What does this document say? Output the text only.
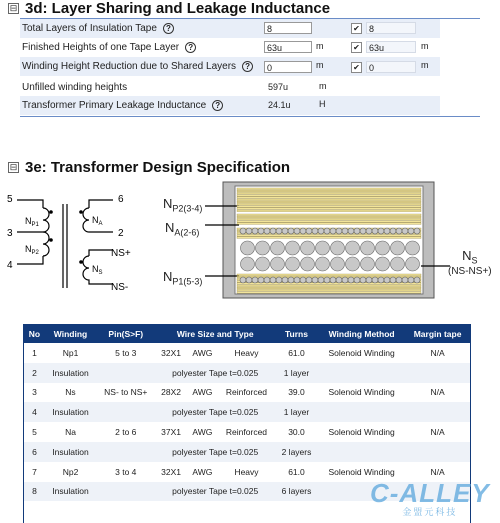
⊟ 3d: Layer Sharing and Leakage Inductance
Total Layers of Insulation Tape ?	8	✔	8
Finished Heights of one Tape Layer ?	63u	m	✔	63u	m
Winding Height Reduction due to Shared Layers ?	0	m	✔	0	m
Unfilled winding heights	597u	m
Transformer Primary Leakage Inductance ?	24.1u	H
⊟ 3e: Transformer Design Specification
5
3
4
6
2
NS+
NS-
$N_{P1}$
$N_{P2}$
$N_A$
$N_S$
$N_{P2(3-4)}$
$N_{A(2-6)}$
$N_{P1(5-3)}$
$N_S$
(NS-NS+)
No	Winding	Pin(S>F)	Wire Size and Type			Turns	Winding Method	Margin tape
1	Np1	5 to 3	32X1	AWG	Heavy	61.0	Solenoid Winding	N/A
2	Insulation		polyester Tape t=0.025			1 layer		
3	Ns	NS- to NS+	28X2	AWG	Reinforced	39.0	Solenoid Winding	N/A
4	Insulation		polyester Tape t=0.025			1 layer		
5	Na	2 to 6	37X1	AWG	Reinforced	30.0	Solenoid Winding	N/A
6	Insulation		polyester Tape t=0.025			2 layers		
7	Np2	3 to 4	32X1	AWG	Heavy	61.0	Solenoid Winding	N/A
8	Insulation		polyester Tape t=0.025			6 layers		C-ALLEY
金盟元科技
